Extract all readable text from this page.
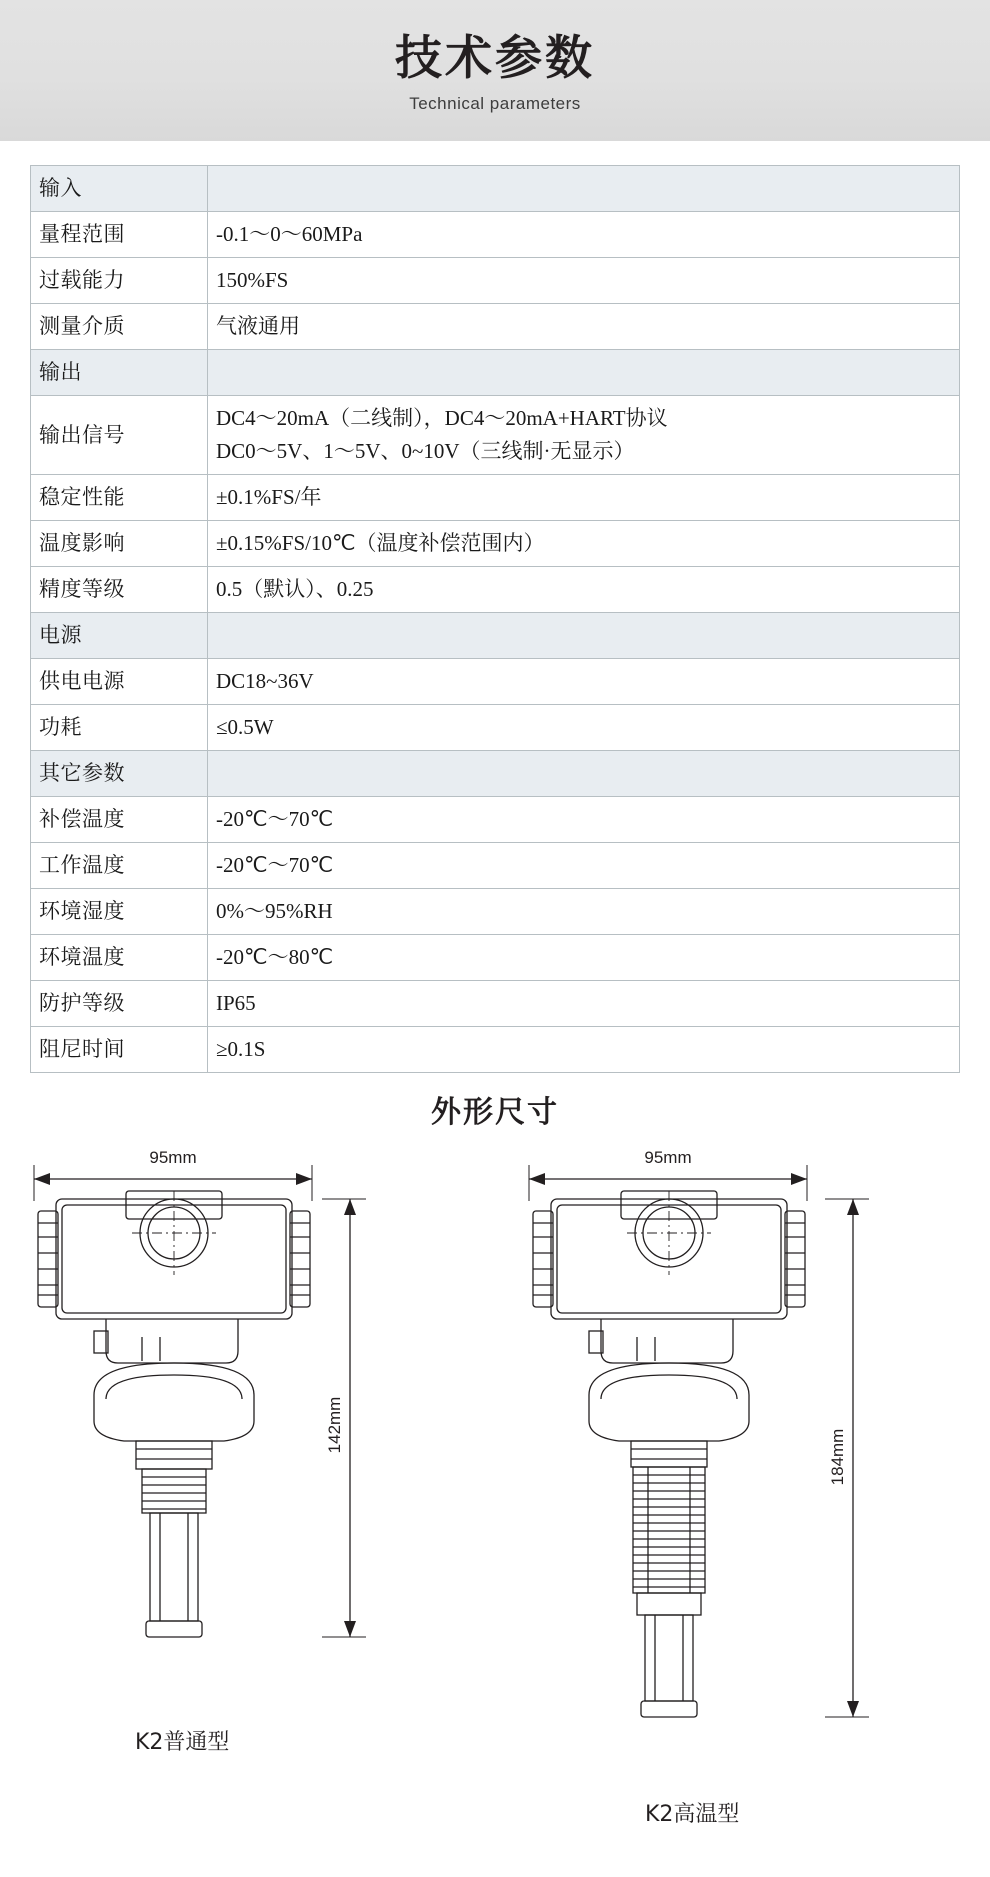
技术参数
Technical parameters
输入	
量程范围	-0.1～0～60MPa
过载能力	150%FS
测量介质	气液通用
输出	
输出信号	DC4～20mA（二线制），DC4～20mA+HART协议
DC0～5V、1～5V、0~10V（三线制·无显示）

稳定性能	±0.1%FS/年
温度影响	±0.15%FS/10℃（温度补偿范围内）
精度等级	0.5（默认）、0.25
电源	
供电电源	DC18~36V
功耗	≤0.5W
其它参数	
补偿温度	-20℃～70℃
工作温度	-20℃～70℃
环境湿度	0%～95%RH
环境温度	-20℃～80℃
防护等级	IP65
阻尼时间	≥0.1S
外形尺寸
95mm
142mm
95mm
184mm
K2普通型
K2高温型
